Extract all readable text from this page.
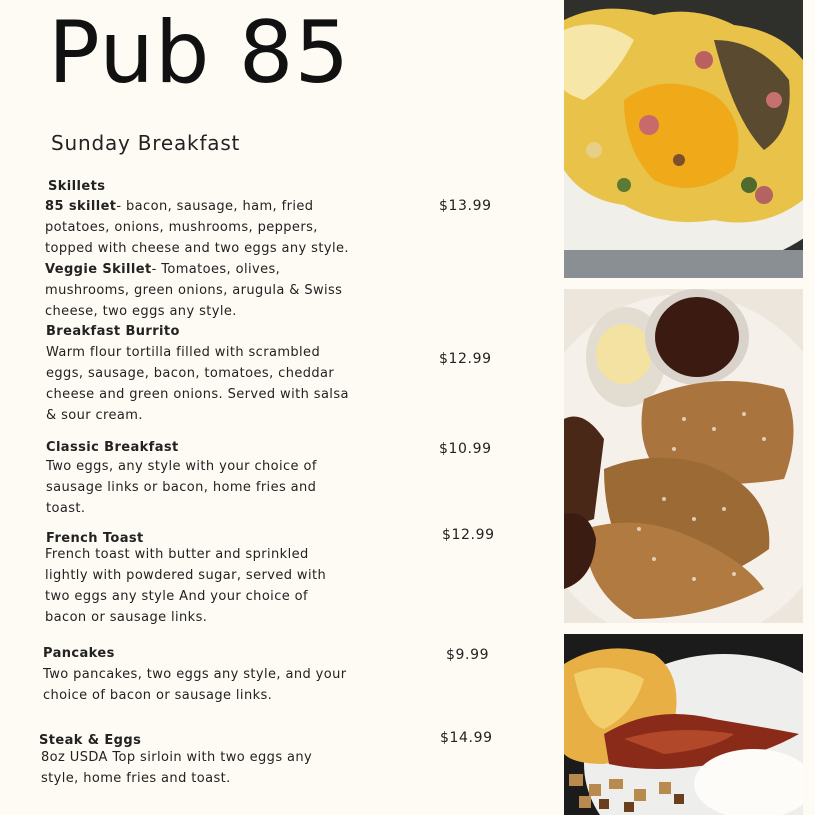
Pub 85
Sunday Breakfast
Skillets
85 skillet- bacon, sausage, ham, fried
potatoes, onions, mushrooms, peppers,
topped with cheese and two eggs any style.
$13.99
Veggie Skillet- Tomatoes, olives,
mushrooms, green onions, arugula & Swiss
cheese, two eggs any style.
Breakfast Burrito
Warm flour tortilla filled with scrambled
eggs, sausage, bacon, tomatoes, cheddar
cheese and green onions. Served with salsa
& sour cream.
$12.99
Classic Breakfast
Two eggs, any style with your choice of
sausage links or bacon, home fries and
toast.
$10.99
French Toast
French toast with butter and sprinkled
lightly with powdered sugar, served with
two eggs any style And your choice of
bacon or sausage links.
$12.99
Pancakes
Two pancakes, two eggs any style, and your
choice of bacon or sausage links.
$9.99
Steak & Eggs
8oz USDA Top sirloin with two eggs any
style, home fries and toast.
$14.99
